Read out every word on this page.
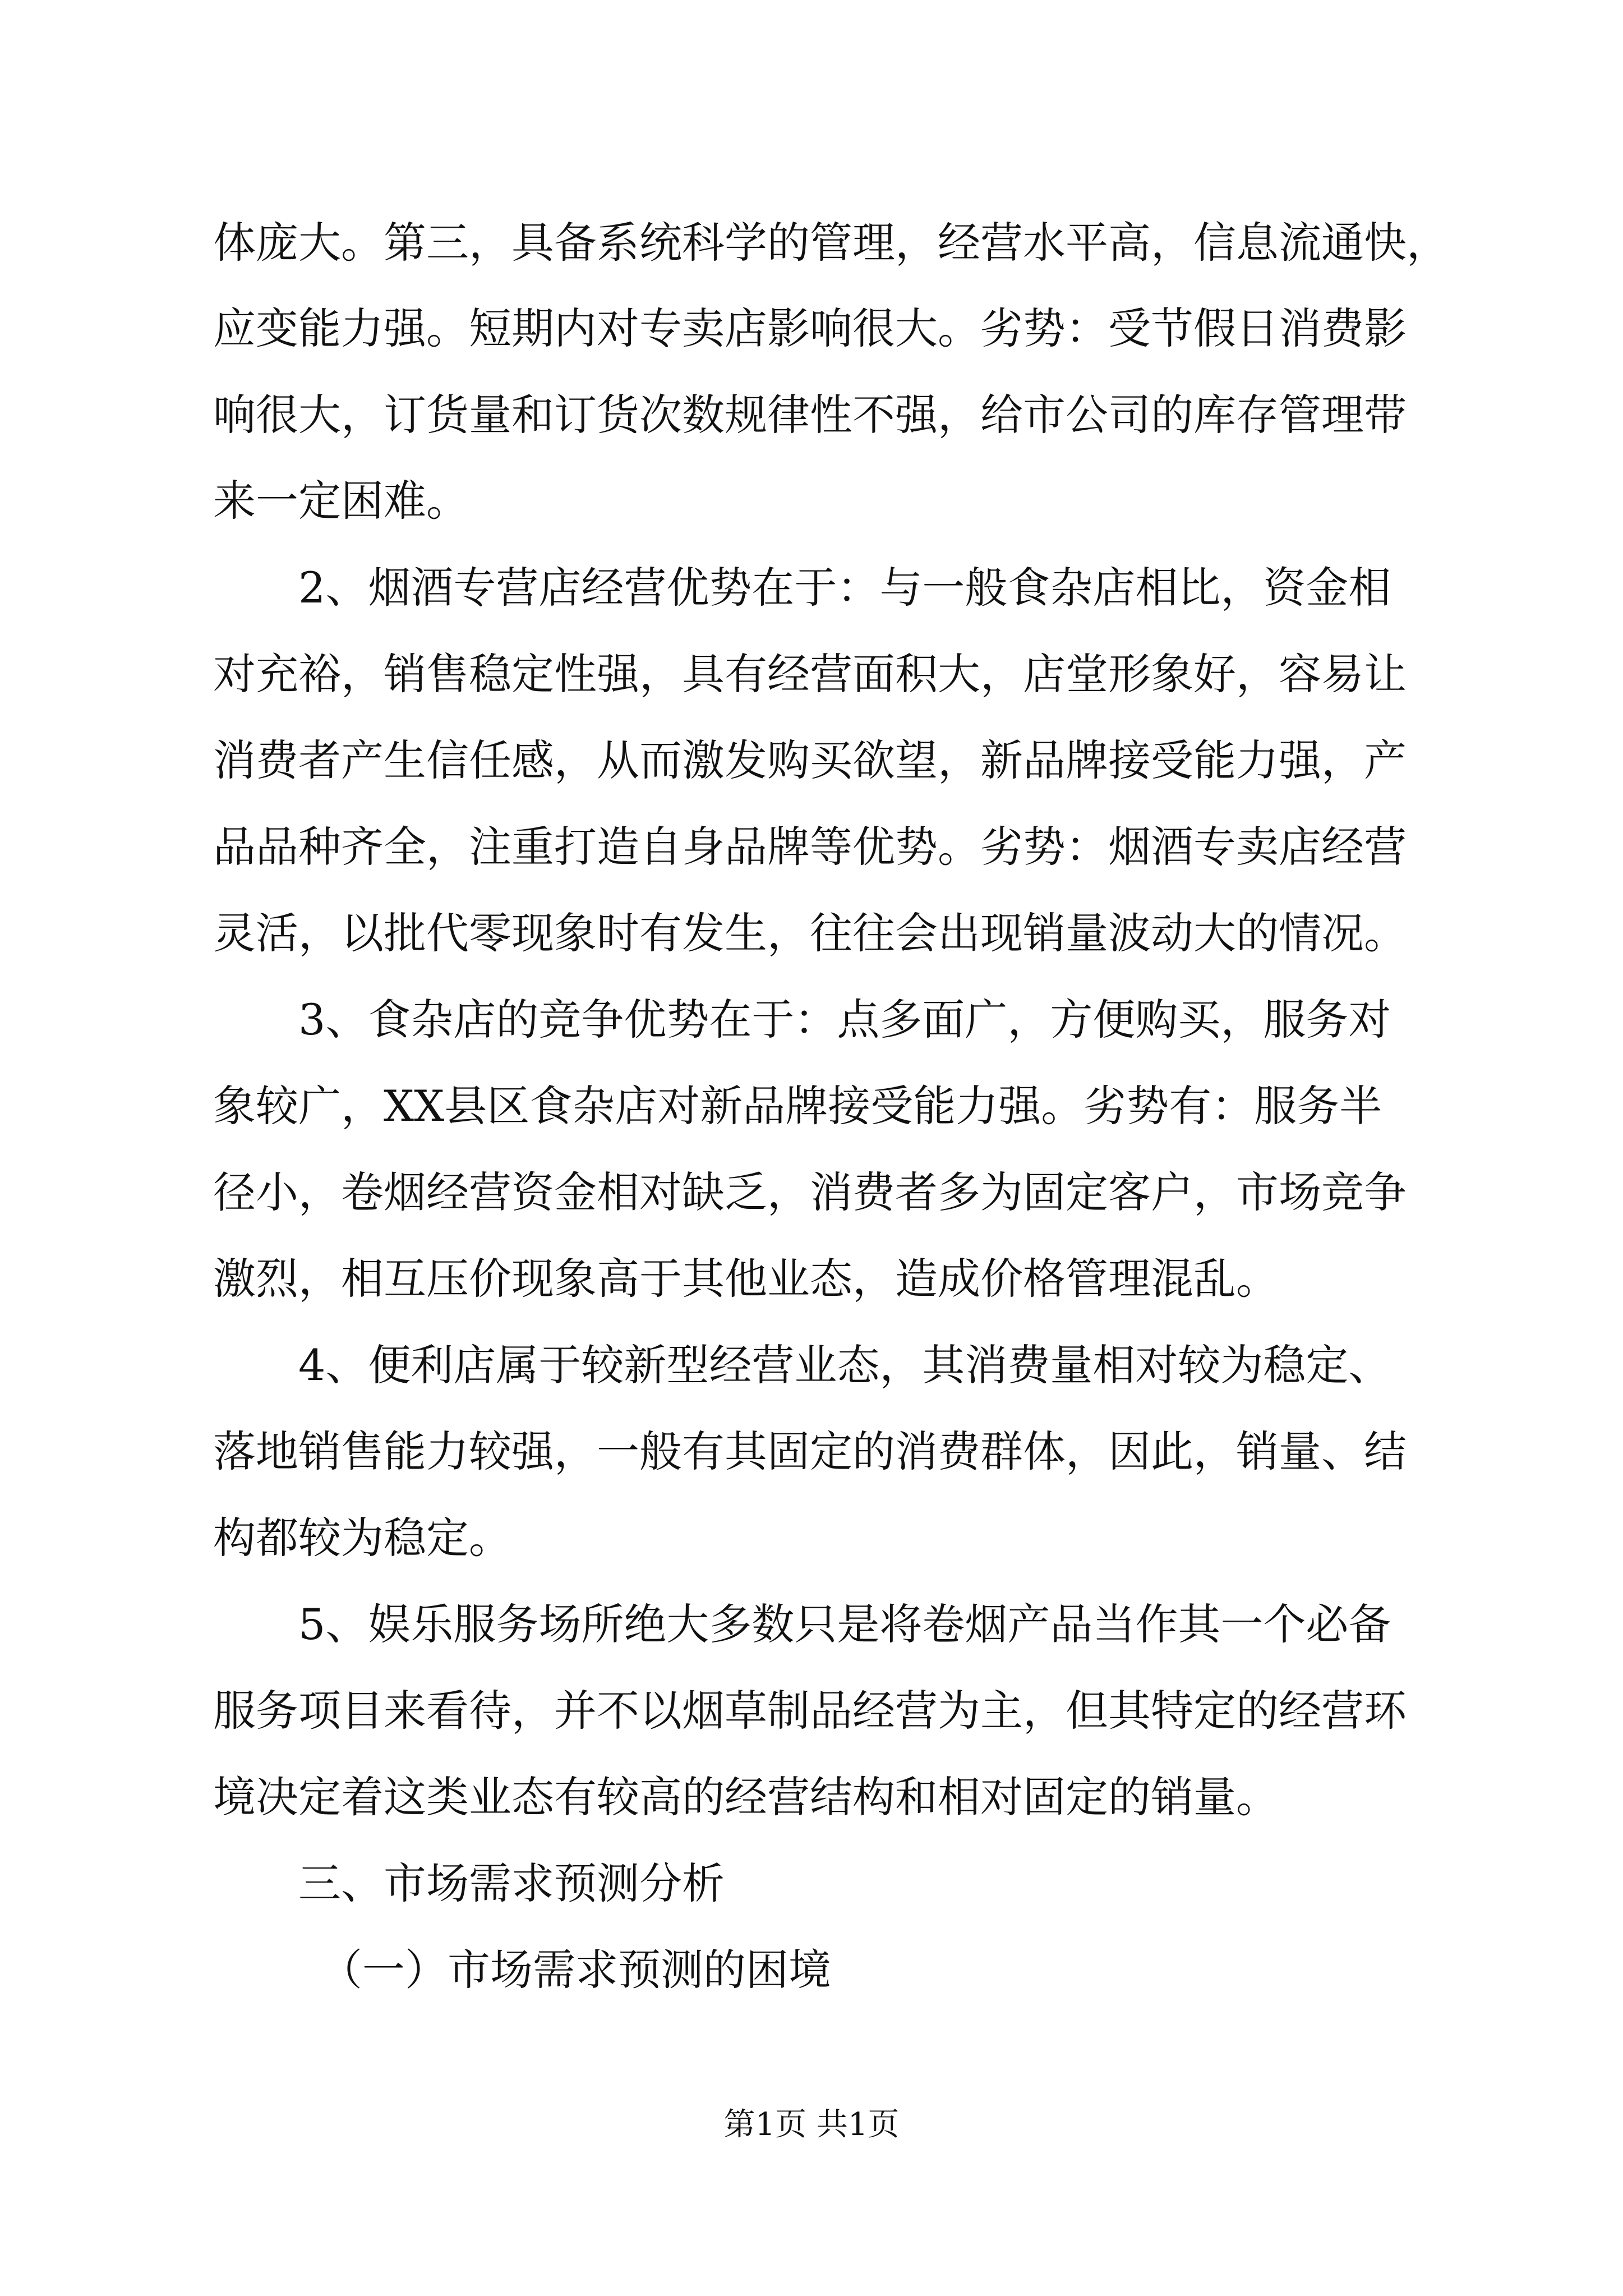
体庞大。第三，具备系统科学的管理，经营水平高，信息流通快，
应变能力强。短期内对专卖店影响很大。劣势：受节假日消费影
响很大，订货量和订货次数规律性不强，给市公司的库存管理带
来一定困难。
2、烟酒专营店经营优势在于：与一般食杂店相比，资金相
对充裕，销售稳定性强，具有经营面积大，店堂形象好，容易让
消费者产生信任感，从而激发购买欲望，新品牌接受能力强，产
品品种齐全，注重打造自身品牌等优势。劣势：烟酒专卖店经营
灵活，以批代零现象时有发生，往往会出现销量波动大的情况。
3、食杂店的竞争优势在于：点多面广，方便购买，服务对
象较广，XX县区食杂店对新品牌接受能力强。劣势有：服务半
径小，卷烟经营资金相对缺乏，消费者多为固定客户，市场竞争
激烈，相互压价现象高于其他业态，造成价格管理混乱。
4、便利店属于较新型经营业态，其消费量相对较为稳定、
落地销售能力较强，一般有其固定的消费群体，因此，销量、结
构都较为稳定。
5、娱乐服务场所绝大多数只是将卷烟产品当作其一个必备
服务项目来看待，并不以烟草制品经营为主，但其特定的经营环
境决定着这类业态有较高的经营结构和相对固定的销量。
三、市场需求预测分析
（一）市场需求预测的困境
第1页 共1页
